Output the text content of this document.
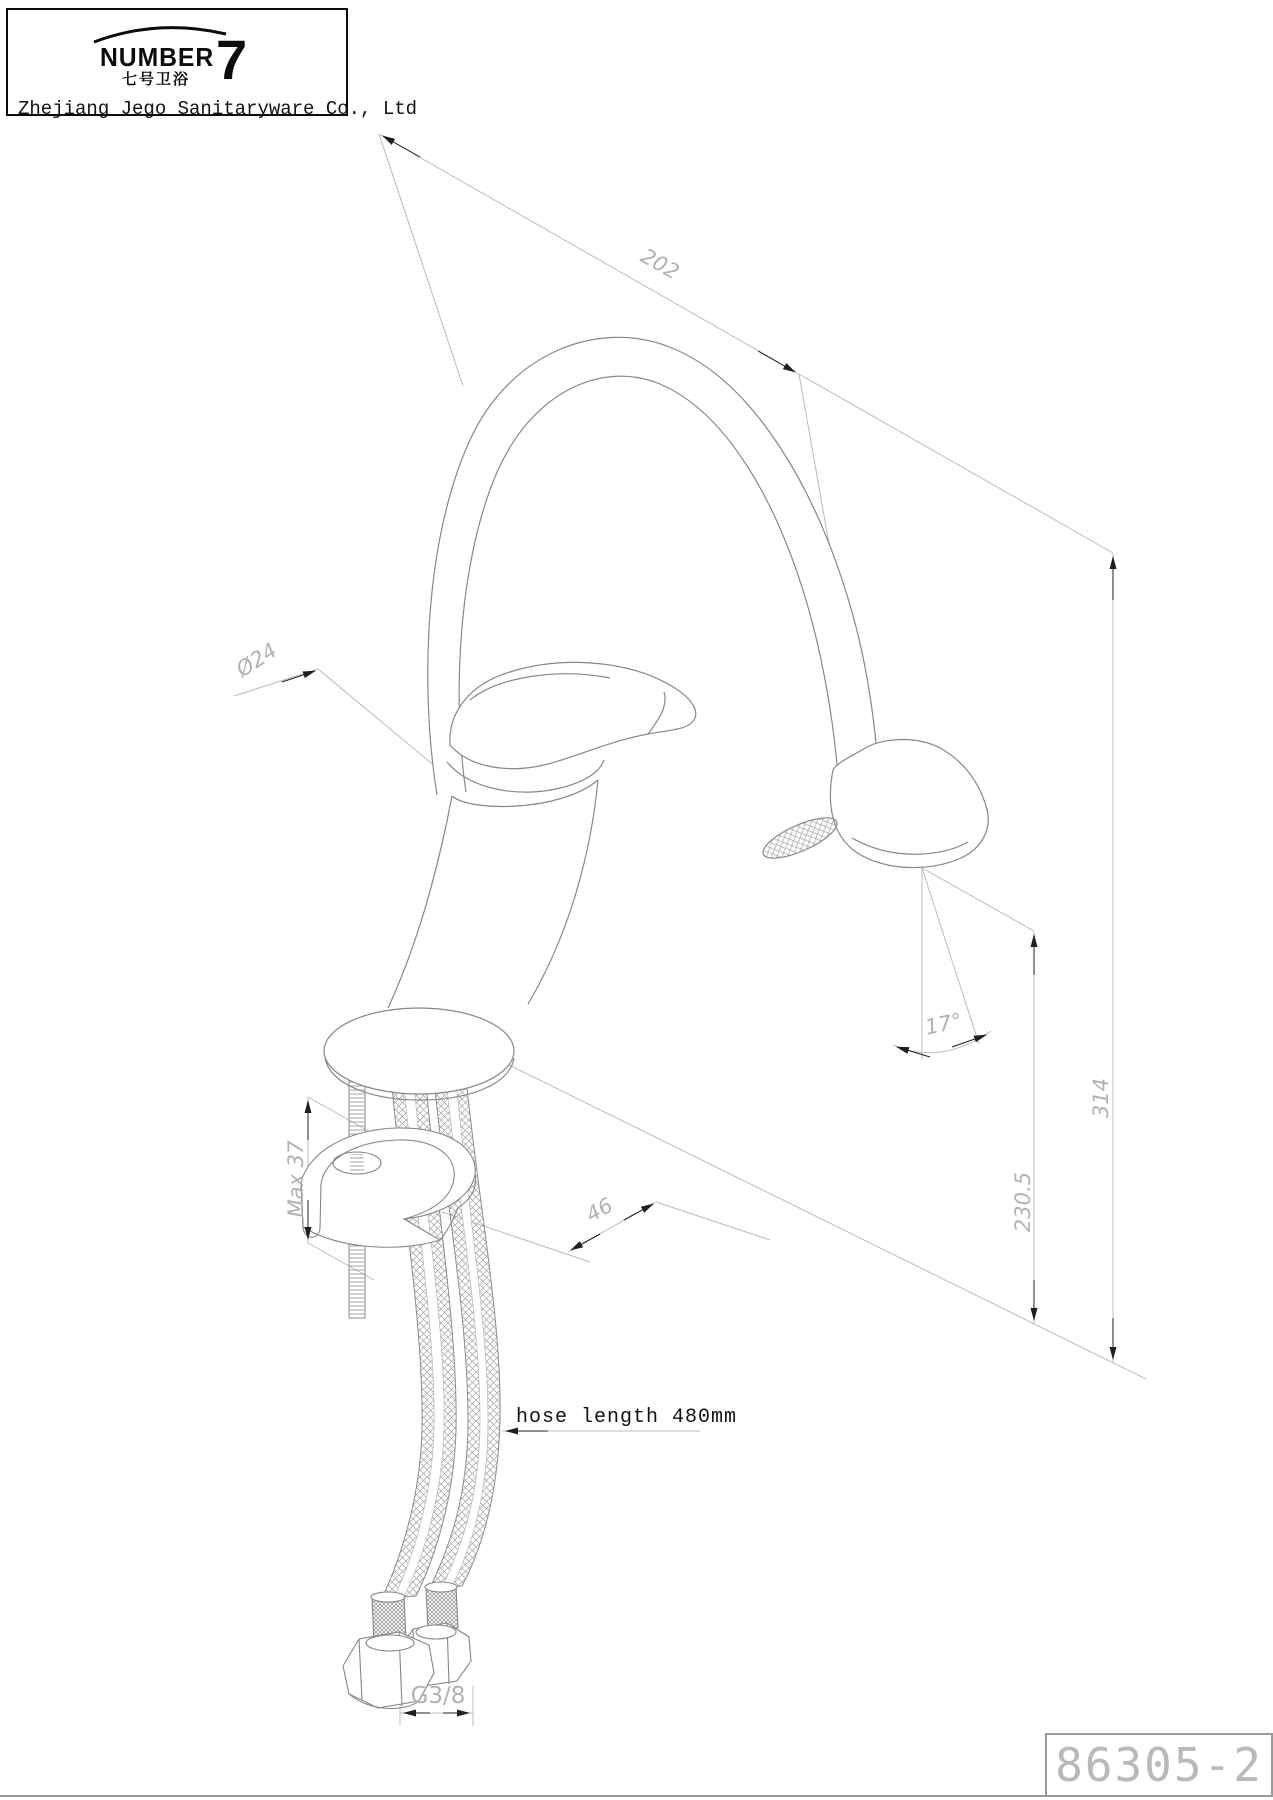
NUMBER 7
七号卫浴
Zhejiang Jego Sanitaryware Co., Ltd
202
Ø24
17°
314
230.5
Max 37	46
hose length 480mm
G3/8
86305-2
